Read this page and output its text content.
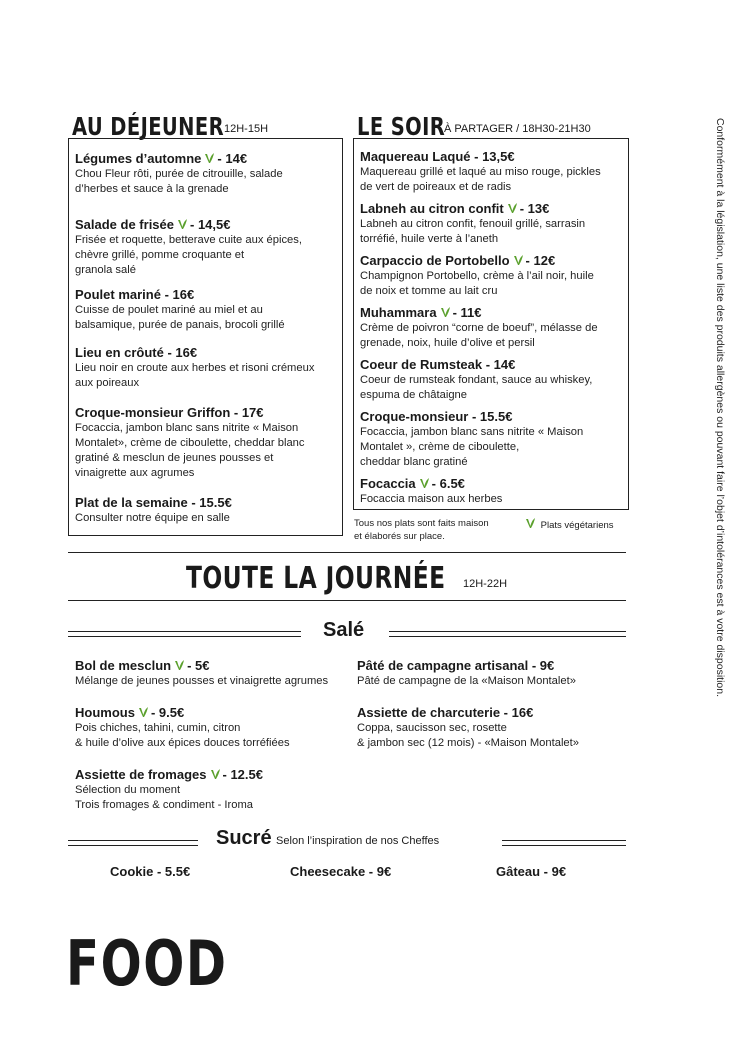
AU DÉJEUNER 12H-15H	LE SOIR
À PARTAGER / 18H30-21H30
Légumes d’automne - 14€
Chou Fleur rôti, purée de citrouille, salade
d’herbes et sauce à la grenade
Salade de frisée - 14,5€
Frisée et roquette, betterave cuite aux épices,
chèvre grillé, pomme croquante et
granola salé
Poulet mariné - 16€
Cuisse de poulet mariné au miel et au
balsamique, purée de panais, brocoli grillé
Lieu en crôuté - 16€
Lieu noir en croute aux herbes et risoni crémeux
aux poireaux
Croque-monsieur Griffon - 17€
Focaccia, jambon blanc sans nitrite « Maison
Montalet», crème de ciboulette, cheddar blanc
gratiné & mesclun de jeunes pousses et
vinaigrette aux agrumes
Plat de la semaine - 15.5€
Consulter notre équipe en salle
Maquereau Laqué - 13,5€
Maquereau grillé et laqué au miso rouge, pickles
de vert de poireaux et de radis
Labneh au citron confit - 13€
Labneh au citron confit, fenouil grillé, sarrasin
torréfié, huile verte à l’aneth
Carpaccio de Portobello - 12€
Champignon Portobello, crème à l’ail noir, huile
de noix et tomme au lait cru
Muhammara - 11€
Crème de poivron “corne de boeuf”, mélasse de
grenade, noix, huile d’olive et persil
Coeur de Rumsteak - 14€
Coeur de rumsteak fondant, sauce au whiskey,
espuma de châtaigne
Croque-monsieur - 15.5€
Focaccia, jambon blanc sans nitrite « Maison
Montalet », crème de ciboulette,
cheddar blanc gratiné
Focaccia - 6.5€
Focaccia maison aux herbes
Tous nos plats sont faits maison
et élaborés sur place.
Plats végétariens
TOUTE LA JOURNÉE	12H-22H
Salé
Bol de mesclun - 5€
Mélange de jeunes pousses et vinaigrette agrumes
Houmous - 9.5€
Pois chiches, tahini, cumin, citron
& huile d’olive aux épices douces torréfiées
Assiette de fromages - 12.5€
Sélection du moment
Trois fromages & condiment - Iroma
Pâté de campagne artisanal - 9€
Pâté de campagne de la «Maison Montalet»
Assiette de charcuterie - 16€
Coppa, saucisson sec, rosette
& jambon sec (12 mois) - «Maison Montalet»
Sucré Selon l’inspiration de nos Cheffes
Cookie - 5.5€	Cheesecake - 9€	Gâteau - 9€
FOOD
Conformément à la législation, une liste des produits allergènes ou pouvant faire l’objet d’intolérances est à votre disposition.
